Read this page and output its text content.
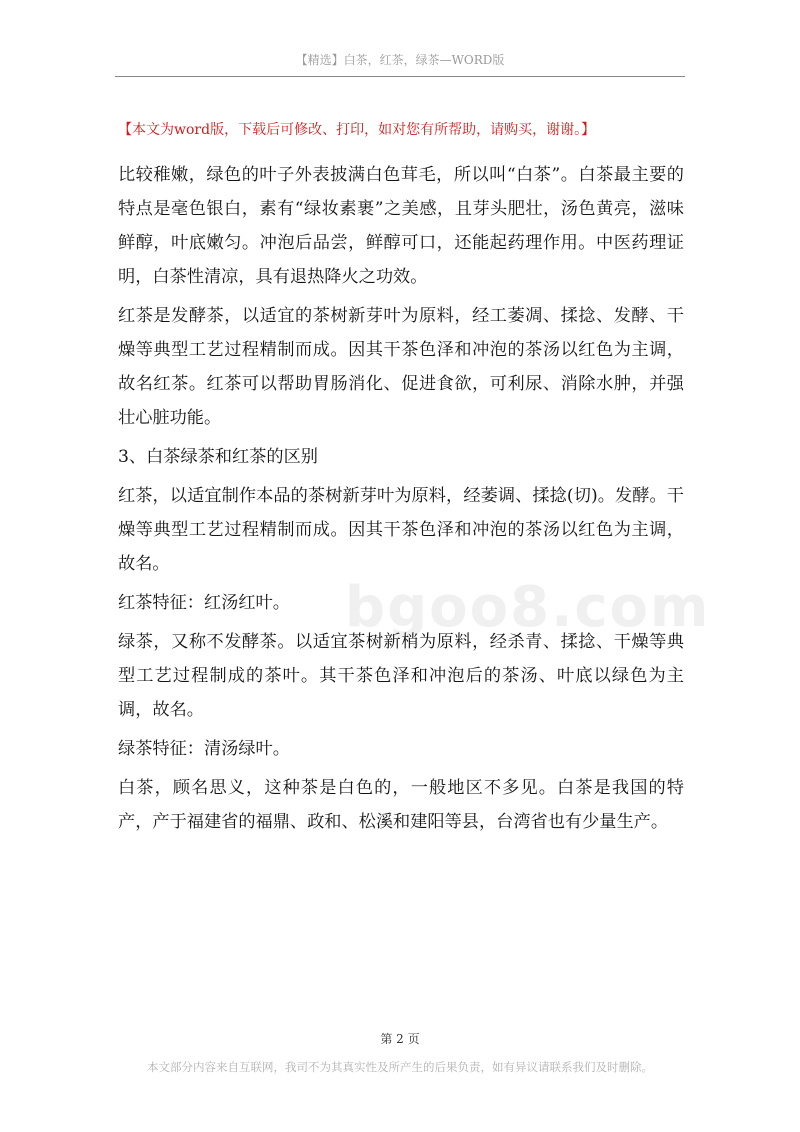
【精选】白茶，红茶，绿茶—WORD版
【本文为word版，下载后可修改、打印，如对您有所帮助，请购买，谢谢。】
bgoo8.com

比较稚嫩，绿色的叶子外表披满白色茸毛，所以叫“白茶”。白茶最主要的特点是毫色银白，素有“绿妆素裹”之美感，且芽头肥壮，汤色黄亮，滋味鲜醇，叶底嫩匀。冲泡后品尝，鲜醇可口，还能起药理作用。中医药理证明，白茶性清凉，具有退热降火之功效。

红茶是发酵茶，以适宜的茶树新芽叶为原料，经工萎凋、揉捻、发酵、干燥等典型工艺过程精制而成。因其干茶色泽和冲泡的茶汤以红色为主调，故名红茶。红茶可以帮助胃肠消化、促进食欲，可利尿、消除水肿，并强壮心脏功能。

3、白茶绿茶和红茶的区别

红茶，以适宜制作本品的茶树新芽叶为原料，经萎调、揉捻(切)。发酵。干燥等典型工艺过程精制而成。因其干茶色泽和冲泡的茶汤以红色为主调，故名。

红茶特征：红汤红叶。

绿茶，又称不发酵茶。以适宜茶树新梢为原料，经杀青、揉捻、干燥等典型工艺过程制成的茶叶。其干茶色泽和冲泡后的茶汤、叶底以绿色为主调，故名。

绿茶特征：清汤绿叶。

白茶，顾名思义，这种茶是白色的，一般地区不多见。白茶是我国的特产，产于福建省的福鼎、政和、松溪和建阳等县，台湾省也有少量生产。

第 2 页
本文部分内容来自互联网，我司不为其真实性及所产生的后果负责，如有异议请联系我们及时删除。
